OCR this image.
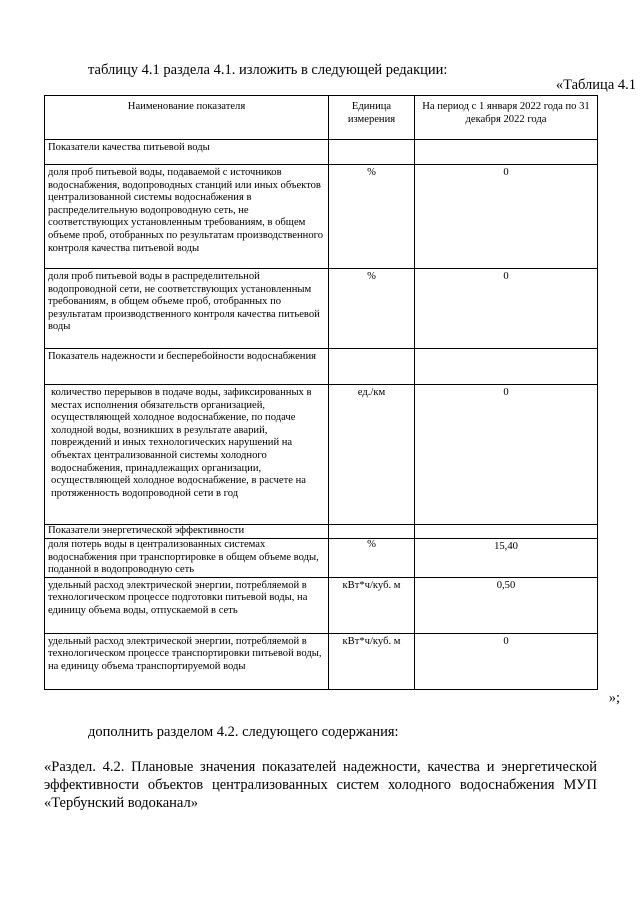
таблицу 4.1 раздела 4.1. изложить в следующей редакции:
«Таблица 4.1
Наименование показателя	Единица измерения	На период с 1 января 2022 года по 31 декабря 2022 года
Показатели качества питьевой воды		
доля проб питьевой воды, подаваемой с источников водоснабжения, водопроводных станций или иных объектов централизованной системы водоснабжения в распределительную водопроводную сеть, не соответствующих установленным требованиям, в общем объеме проб, отобранных по результатам производственного контроля качества питьевой воды	%	0
доля проб питьевой воды в распределительной водопроводной сети, не соответствующих установленным требованиям, в общем объеме проб, отобранных по результатам производственного контроля качества питьевой воды	%	0
Показатель надежности и бесперебойности водоснабжения		
количество перерывов в подаче воды, зафиксированных в местах исполнения обязательств организацией, осуществляющей холодное водоснабжение, по подаче холодной воды, возникших в результате аварий, повреждений и иных технологических нарушений на объектах централизованной системы холодного водоснабжения, принадлежащих организации, осуществляющей холодное водоснабжение, в расчете на протяженность водопроводной сети в год	ед./км	0
Показатели энергетической эффективности		
доля потерь воды в централизованных системах водоснабжения при транспортировке в общем объеме воды, поданной в водопроводную сеть	%	15,40
удельный расход электрической энергии, потребляемой в технологическом процессе подготовки питьевой воды, на единицу объема воды, отпускаемой в сеть	кВт*ч/куб. м	0,50
удельный расход электрической энергии, потребляемой в технологическом процессе транспортировки питьевой воды, на единицу объема транспортируемой воды	кВт*ч/куб. м	0
»;
дополнить разделом 4.2. следующего содержания:
«Раздел. 4.2. Плановые значения показателей надежности, качества и энергетической эффективности объектов централизованных систем холодного водоснабжения МУП «Тербунский водоканал»
